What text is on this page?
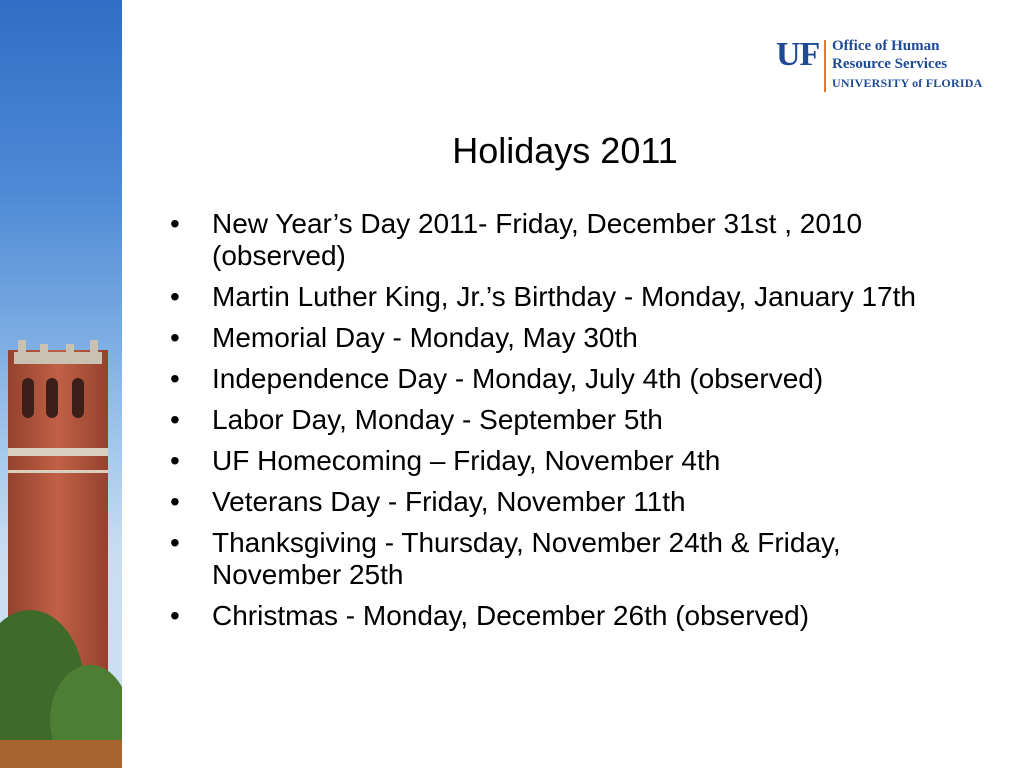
UF Office of Human
Resource Services
UNIVERSITY of FLORIDA
Holidays 2011
•	New Year’s Day 2011- Friday, December 31st , 2010 (observed)
•	Martin Luther King, Jr.’s Birthday - Monday, January 17th
•	Memorial Day - Monday, May 30th
•	Independence Day - Monday, July 4th (observed)
•	Labor Day, Monday - September 5th
•	UF Homecoming – Friday, November 4th
•	Veterans Day - Friday, November 11th
•	Thanksgiving - Thursday, November 24th & Friday, November 25th
•	Christmas - Monday, December 26th (observed)
